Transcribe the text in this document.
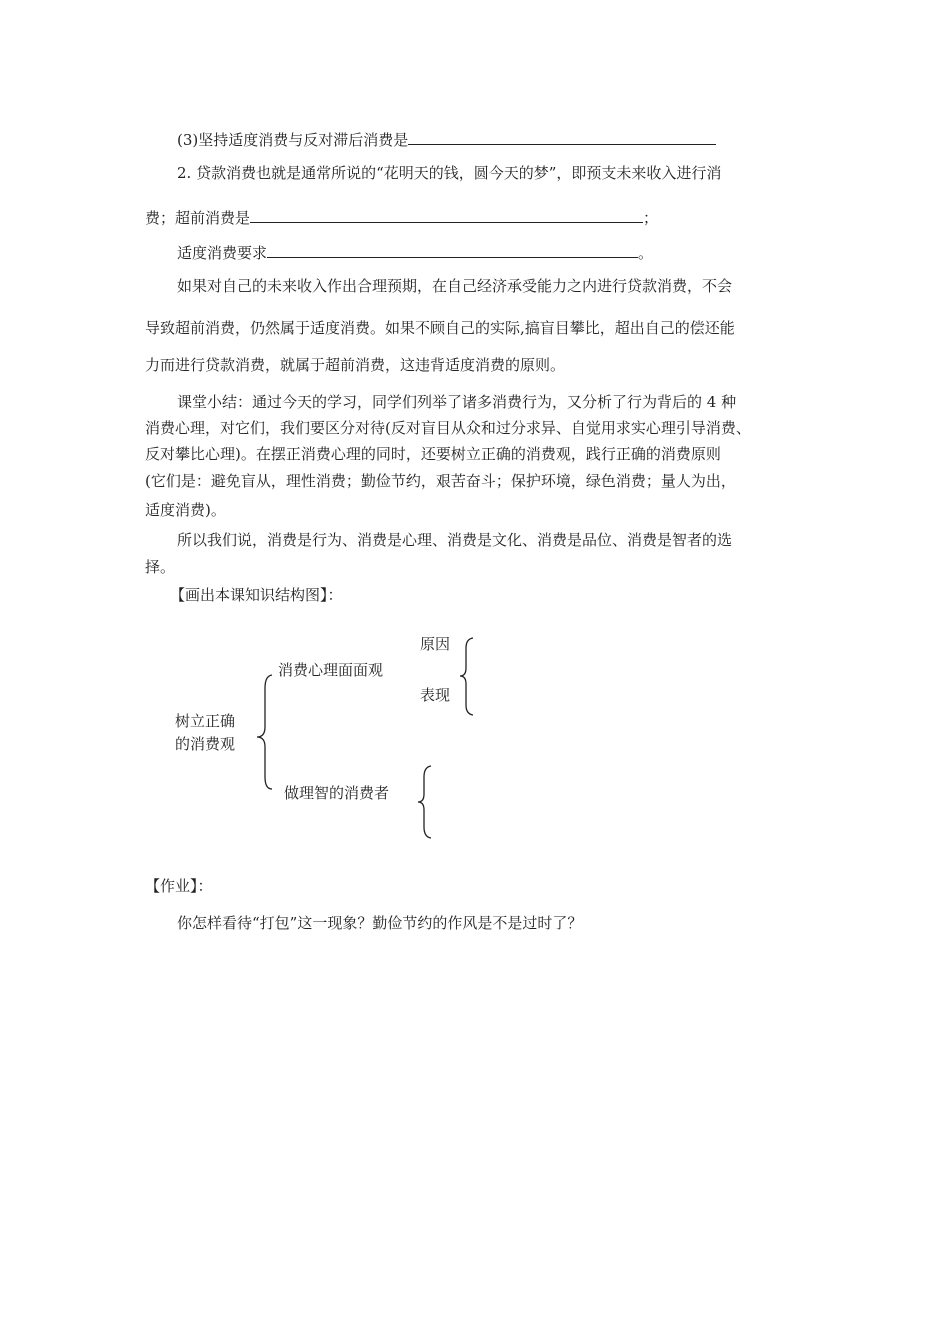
(3)坚持适度消费与反对滞后消费是
2. 贷款消费也就是通常所说的“花明天的钱，圆今天的梦”，即预支未来收入进行消
费；超前消费是	；
适度消费要求	。
如果对自己的未来收入作出合理预期，在自己经济承受能力之内进行贷款消费，不会
导致超前消费，仍然属于适度消费。如果不顾自己的实际,搞盲目攀比，超出自己的偿还能
力而进行贷款消费，就属于超前消费，这违背适度消费的原则。
课堂小结：通过今天的学习，同学们列举了诸多消费行为，又分析了行为背后的 4 种
消费心理，对它们，我们要区分对待(反对盲目从众和过分求异、自觉用求实心理引导消费、
反对攀比心理)。在摆正消费心理的同时，还要树立正确的消费观，践行正确的消费原则
(它们是：避免盲从，理性消费；勤俭节约，艰苦奋斗；保护环境，绿色消费；量人为出，
适度消费)。
所以我们说，消费是行为、消费是心理、消费是文化、消费是品位、消费是智者的选
择。
【画出本课知识结构图】：
树立正确
的消费观
消费心理面面观
原因
表现
做理智的消费者
【作业】：
你怎样看待“打包”这一现象？勤俭节约的作风是不是过时了？
